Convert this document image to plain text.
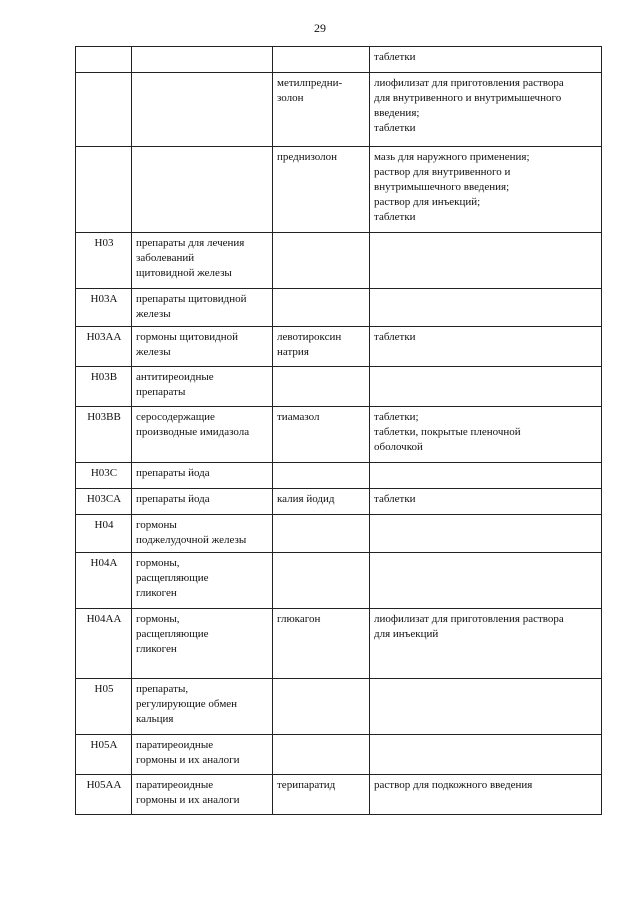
29

			таблетки

		метилпредни-
золон	лиофилизат для приготовления раствора
для внутривенного и внутримышечного
введения;
таблетки

		преднизолон	мазь для наружного применения;
раствор для внутривенного и
внутримышечного введения;
раствор для инъекций;
таблетки

H03	препараты для лечения
заболеваний
щитовидной железы		

H03A	препараты щитовидной
железы		

H03AA	гормоны щитовидной
железы	левотироксин
натрия	таблетки

H03B	антитиреоидные
препараты		

H03BB	серосодержащие
производные имидазола	тиамазол	таблетки;
таблетки, покрытые пленочной
оболочкой

H03C	препараты йода		

H03CA	препараты йода	калия йодид	таблетки

H04	гормоны
поджелудочной железы		

H04A	гормоны,
расщепляющие
гликоген		

H04AA	гормоны,
расщепляющие
гликоген	глюкагон	лиофилизат для приготовления раствора
для инъекций

H05	препараты,
регулирующие обмен
кальция		

H05A	паратиреоидные
гормоны и их аналоги		

H05AA	паратиреоидные
гормоны и их аналоги	терипаратид	раствор для подкожного введения
